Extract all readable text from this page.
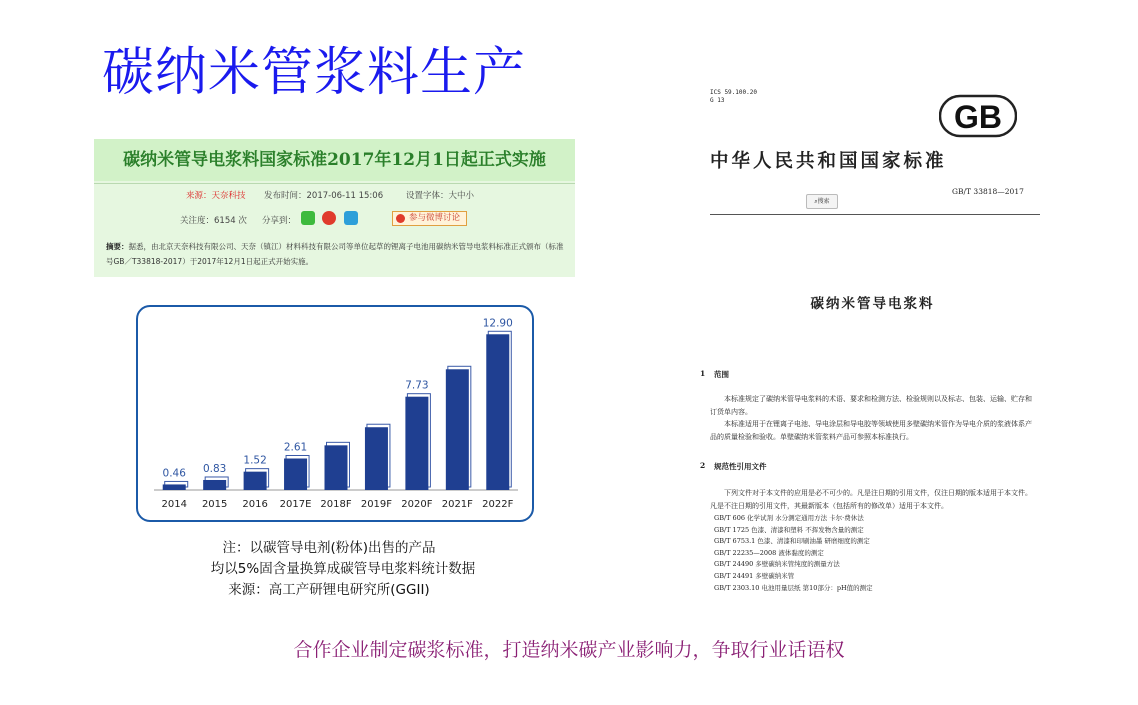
碳纳米管浆料生产
碳纳米管导电浆料国家标准2017年12月1日起正式实施
来源：天奈科技 发布时间：2017-06-11 15:06	设置字体：大中小
关注度：6154 次 分享到：	参与微博讨论
摘要：据悉，由北京天奈科技有限公司、天奈（镇江）材料科技有限公司等单位起草的锂离子电池用碳纳米管导电浆料标准正式颁布（标准号GB／T33818-2017）于2017年12月1日起正式开始实施。
2014
0.46
2015
0.83
2016
1.52
2017E
2.61
2018F 2019F 2020F
7.73
2021F 2022F
12.90
注：以碳管导电剂(粉体)出售的产品
均以5%固含量换算成碳管导电浆料统计数据
来源：高工产研锂电研究所(GGII)
ICS 59.100.20
G 13	GB
中华人民共和国国家标准
GB/T 33818—2017
⌕搜索
碳纳米管导电浆料
1 范围
本标准规定了碳纳米管导电浆料的术语、要求和检测方法、检验规则以及标志、包装、运输、贮存和订货单内容。
本标准适用于在锂离子电池、导电涂层和导电胶等领域使用多壁碳纳米管作为导电介质的浆液体系产品的质量检验和验收。单壁碳纳米管浆料产品可参照本标准执行。
2 规范性引用文件
下列文件对于本文件的应用是必不可少的。凡是注日期的引用文件，仅注日期的版本适用于本文件。凡是不注日期的引用文件，其最新版本（包括所有的修改单）适用于本文件。
GB/T 606 化学试剂 水分测定通用方法 卡尔·费休法
GB/T 1725 色漆、清漆和塑料 不挥发物含量的测定
GB/T 6753.1 色漆、清漆和印刷油墨 研磨细度的测定
GB/T 22235—2008 液体黏度的测定
GB/T 24490 多壁碳纳米管纯度的测量方法
GB/T 24491 多壁碳纳米管
GB/T 2303.10 电池用量层纸 第10部分：pH值的测定
合作企业制定碳浆标准，打造纳米碳产业影响力，争取行业话语权
